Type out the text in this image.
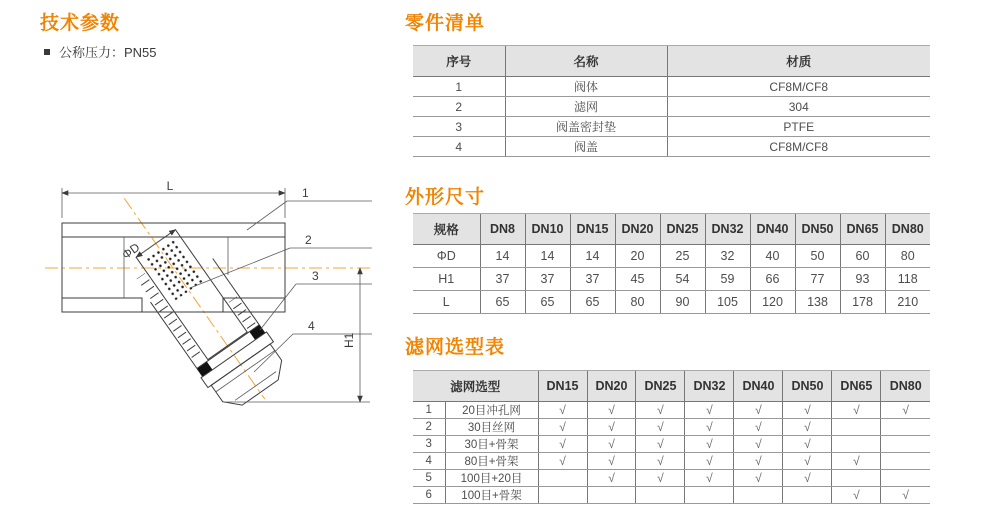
技术参数
公称压力：PN55
ΦD
L
H1
1
2
3
4
零件清单
序号	名称	材质
1	阀体	CF8M/CF8
2	滤网	304
3	阀盖密封垫	PTFE
4	阀盖	CF8M/CF8
外形尺寸
规格	DN8	DN10	DN15	DN20	DN25	DN32	DN40	DN50	DN65	DN80
ΦD	14	14	14	20	25	32	40	50	60	80
H1	37	37	37	45	54	59	66	77	93	118
L	65	65	65	80	90	105	120	138	178	210
滤网选型表
滤网选型		DN15	DN20	DN25	DN32	DN40	DN50	DN65	DN80
1	20目冲孔网	√	√	√	√	√	√	√	√
2	30目丝网	√	√	√	√	√	√		
3	30目+骨架	√	√	√	√	√	√		
4	80目+骨架	√	√	√	√	√	√	√	
5	100目+20目		√	√	√	√	√		
6	100目+骨架							√	√
